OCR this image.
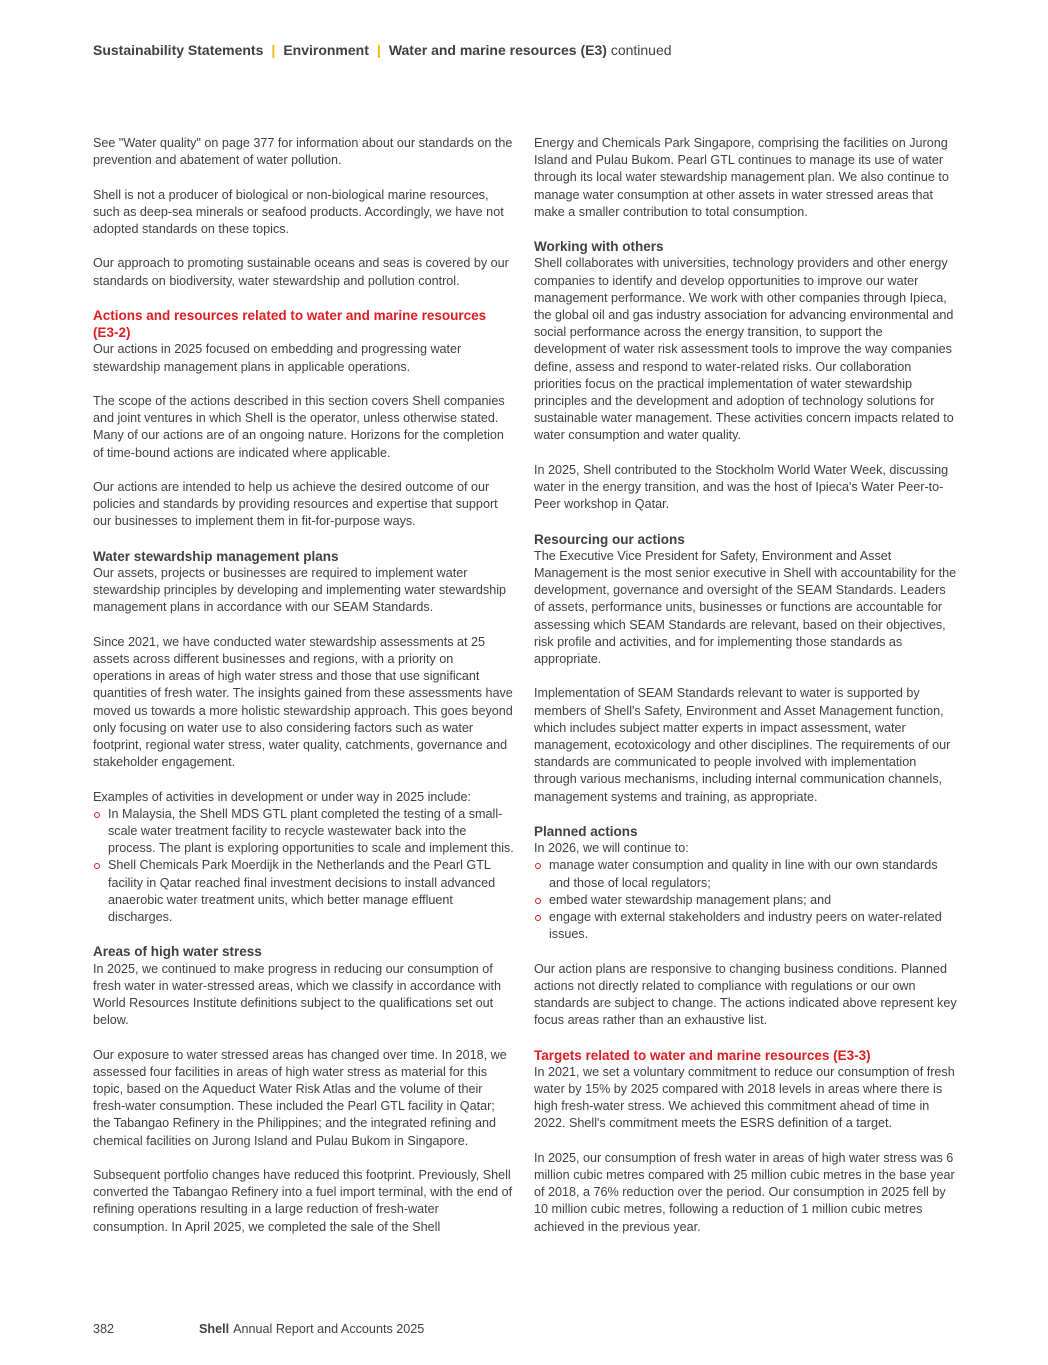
Sustainability Statements | Environment | Water and marine resources (E3) continued

See "Water quality" on page 377 for information about our standards on the prevention and abatement of water pollution.

Shell is not a producer of biological or non-biological marine resources, such as deep-sea minerals or seafood products. Accordingly, we have not adopted standards on these topics.

Our approach to promoting sustainable oceans and seas is covered by our standards on biodiversity, water stewardship and pollution control.

Actions and resources related to water and marine resources (E3-2)

Our actions in 2025 focused on embedding and progressing water stewardship management plans in applicable operations.

The scope of the actions described in this section covers Shell companies and joint ventures in which Shell is the operator, unless otherwise stated. Many of our actions are of an ongoing nature. Horizons for the completion of time-bound actions are indicated where applicable.

Our actions are intended to help us achieve the desired outcome of our policies and standards by providing resources and expertise that support our businesses to implement them in fit-for-purpose ways.

Water stewardship management plans

Our assets, projects or businesses are required to implement water stewardship principles by developing and implementing water stewardship management plans in accordance with our SEAM Standards.

Since 2021, we have conducted water stewardship assessments at 25 assets across different businesses and regions, with a priority on operations in areas of high water stress and those that use significant quantities of fresh water. The insights gained from these assessments have moved us towards a more holistic stewardship approach. This goes beyond only focusing on water use to also considering factors such as water footprint, regional water stress, water quality, catchments, governance and stakeholder engagement.

Examples of activities in development or under way in 2025 include:

In Malaysia, the Shell MDS GTL plant completed the testing of a small-scale water treatment facility to recycle wastewater back into the process. The plant is exploring opportunities to scale and implement this.
Shell Chemicals Park Moerdijk in the Netherlands and the Pearl GTL facility in Qatar reached final investment decisions to install advanced anaerobic water treatment units, which better manage effluent discharges.
Areas of high water stress

In 2025, we continued to make progress in reducing our consumption of fresh water in water-stressed areas, which we classify in accordance with World Resources Institute definitions subject to the qualifications set out below.

Our exposure to water stressed areas has changed over time. In 2018, we assessed four facilities in areas of high water stress as material for this topic, based on the Aqueduct Water Risk Atlas and the volume of their fresh-water consumption. These included the Pearl GTL facility in Qatar; the Tabangao Refinery in the Philippines; and the integrated refining and chemical facilities on Jurong Island and Pulau Bukom in Singapore.

Subsequent portfolio changes have reduced this footprint. Previously, Shell converted the Tabangao Refinery into a fuel import terminal, with the end of refining operations resulting in a large reduction of fresh-water consumption. In April 2025, we completed the sale of the Shell

Energy and Chemicals Park Singapore, comprising the facilities on Jurong Island and Pulau Bukom. Pearl GTL continues to manage its use of water through its local water stewardship management plan. We also continue to manage water consumption at other assets in water stressed areas that make a smaller contribution to total consumption.

Working with others

Shell collaborates with universities, technology providers and other energy companies to identify and develop opportunities to improve our water management performance. We work with other companies through Ipieca, the global oil and gas industry association for advancing environmental and social performance across the energy transition, to support the development of water risk assessment tools to improve the way companies define, assess and respond to water-related risks. Our collaboration priorities focus on the practical implementation of water stewardship principles and the development and adoption of technology solutions for sustainable water management. These activities concern impacts related to water consumption and water quality.

In 2025, Shell contributed to the Stockholm World Water Week, discussing water in the energy transition, and was the host of Ipieca's Water Peer-to-Peer workshop in Qatar.

Resourcing our actions

The Executive Vice President for Safety, Environment and Asset Management is the most senior executive in Shell with accountability for the development, governance and oversight of the SEAM Standards. Leaders of assets, performance units, businesses or functions are accountable for assessing which SEAM Standards are relevant, based on their objectives, risk profile and activities, and for implementing those standards as appropriate.

Implementation of SEAM Standards relevant to water is supported by members of Shell's Safety, Environment and Asset Management function, which includes subject matter experts in impact assessment, water management, ecotoxicology and other disciplines. The requirements of our standards are communicated to people involved with implementation through various mechanisms, including internal communication channels, management systems and training, as appropriate.

Planned actions

In 2026, we will continue to:

manage water consumption and quality in line with our own standards and those of local regulators;
embed water stewardship management plans; and
engage with external stakeholders and industry peers on water-related issues.

Our action plans are responsive to changing business conditions. Planned actions not directly related to compliance with regulations or our own standards are subject to change. The actions indicated above represent key focus areas rather than an exhaustive list.

Targets related to water and marine resources (E3-3)

In 2021, we set a voluntary commitment to reduce our consumption of fresh water by 15% by 2025 compared with 2018 levels in areas where there is high fresh-water stress. We achieved this commitment ahead of time in 2022. Shell's commitment meets the ESRS definition of a target.

In 2025, our consumption of fresh water in areas of high water stress was 6 million cubic metres compared with 25 million cubic metres in the base year of 2018, a 76% reduction over the period. Our consumption in 2025 fell by 10 million cubic metres, following a reduction of 1 million cubic metres achieved in the previous year.

382	Shell Annual Report and Accounts 2025
